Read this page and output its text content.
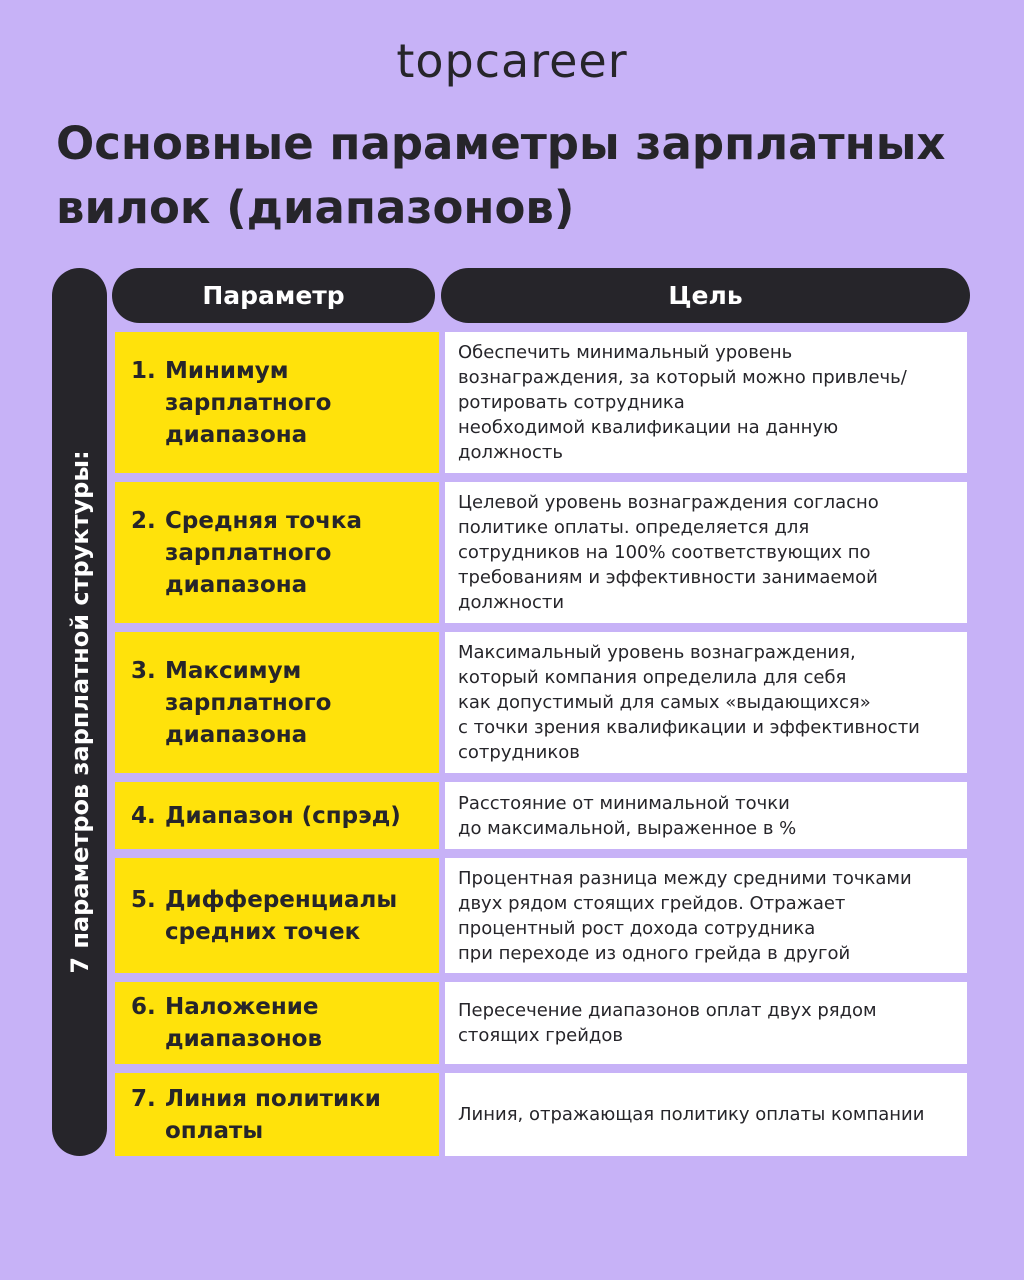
topcareer
Основные параметры зарплатных вилок (диапазонов)
7 параметров зарплатной структуры:
Параметр	Цель
1. Минимум
зарплатного
диапазона
Обеспечить минимальный уровень
вознаграждения, за который можно привлечь/
ротировать сотрудника
необходимой квалификации на данную
должность
2. Средняя точка
зарплатного
диапазона
Целевой уровень вознаграждения согласно
политике оплаты. определяется для
сотрудников на 100% соответствующих по
требованиям и эффективности занимаемой
должности
3. Максимум
зарплатного
диапазона
Максимальный уровень вознаграждения,
который компания определила для себя
как допустимый для самых «выдающихся»
с точки зрения квалификации и эффективности
сотрудников
4. Диапазон (спрэд)	Расстояние от минимальной точки
до максимальной, выраженное в %
5. Дифференциалы
средних точек
Процентная разница между средними точками
двух рядом стоящих грейдов. Отражает
процентный рост дохода сотрудника
при переходе из одного грейда в другой
6. Наложение
диапазонов
Пересечение диапазонов оплат двух рядом
стоящих грейдов
7. Линия политики
оплаты
Линия, отражающая политику оплаты компании
